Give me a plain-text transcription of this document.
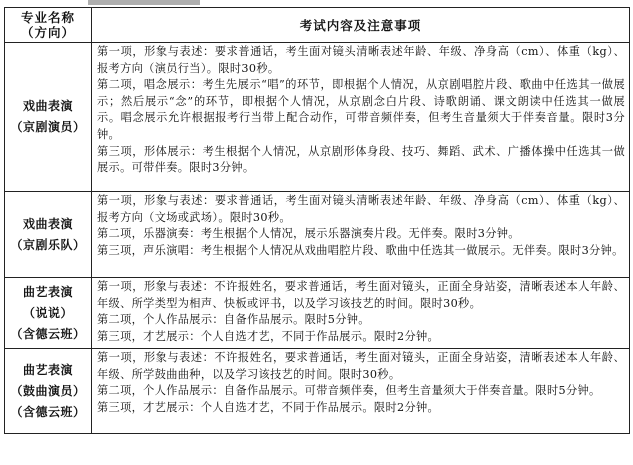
专业名称
（方向）	考试内容及注意事项

戏曲表演
（京剧演员）	第一项，形象与表述：要求普通话，考生面对镜头清晰表述年龄、年级、净身高（cm）、体重（kg）、报考方向（演员行当）。限时30秒。
第二项，唱念展示：考生先展示“唱”的环节，即根据个人情况，从京剧唱腔片段、歌曲中任选其一做展示；然后展示“念”的环节，即根据个人情况，从京剧念白片段、诗歌朗诵、课文朗读中任选其一做展示。唱念展示允许根据报考行当带上配合动作，可带音频伴奏，但考生音量须大于伴奏音量。限时3分钟。
第三项，形体展示：考生根据个人情况，从京剧形体身段、技巧、舞蹈、武术、广播体操中任选其一做展示。可带伴奏。限时3分钟。

戏曲表演
（京剧乐队）	第一项，形象与表述：要求普通话，考生面对镜头清晰表述年龄、年级、净身高（cm）、体重（kg）、报考方向（文场或武场）。限时30秒。
第二项，乐器演奏：考生根据个人情况，展示乐器演奏片段。无伴奏。限时3分钟。
第三项，声乐演唱：考生根据个人情况从戏曲唱腔片段、歌曲中任选其一做展示。无伴奏。限时3分钟。

曲艺表演
（说说）
（含德云班）	第一项，形象与表述：不许报姓名，要求普通话，考生面对镜头，正面全身站姿，清晰表述本人年龄、年级、所学类型为相声、快板或评书，以及学习该技艺的时间。限时30秒。
第二项，个人作品展示：自备作品展示。限时5分钟。
第三项，才艺展示：个人自选才艺，不同于作品展示。限时2分钟。

曲艺表演
（鼓曲演员）
（含德云班）	第一项，形象与表述：不许报姓名，要求普通话，考生面对镜头，正面全身站姿，清晰表述本人年龄、年级、所学鼓曲曲种，以及学习该技艺的时间。限时30秒。
第二项，个人作品展示：自备作品展示。可带音频伴奏，但考生音量须大于伴奏音量。限时5分钟。
第三项，才艺展示：个人自选才艺，不同于作品展示。限时2分钟。
